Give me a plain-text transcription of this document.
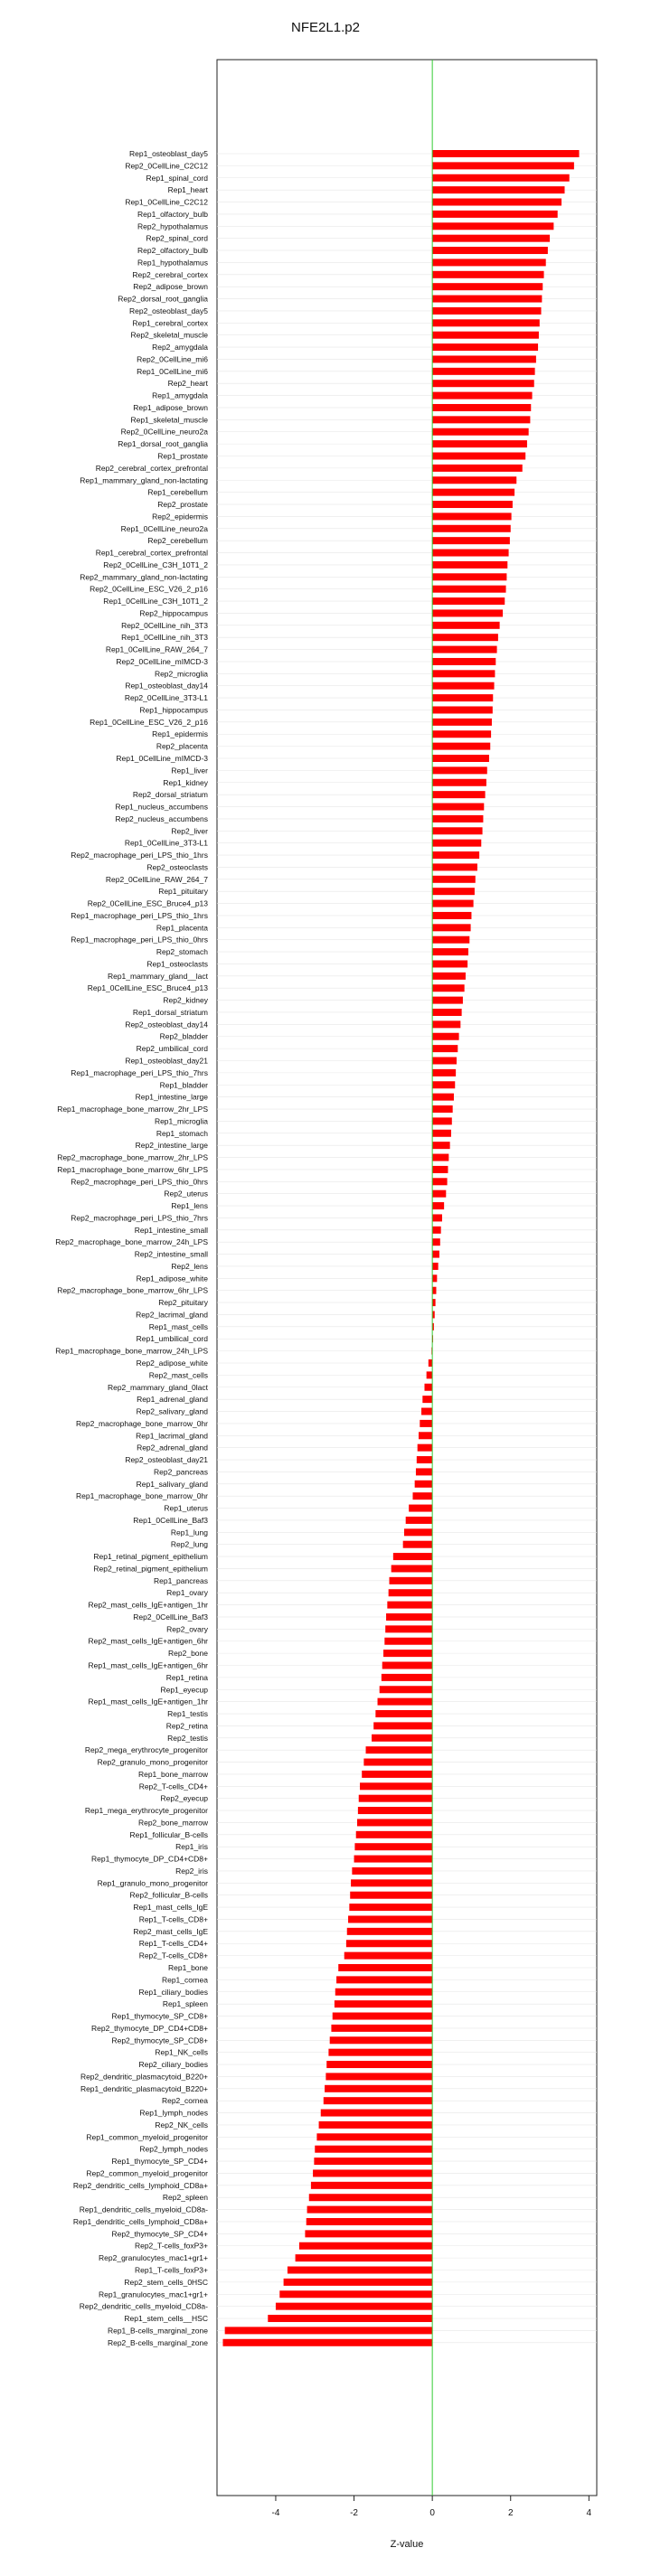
NFE2L1.p2
Rep1_osteoblast_day5
Rep2_0CellLine_C2C12
Rep1_spinal_cord
Rep1_heart
Rep1_0CellLine_C2C12
Rep1_olfactory_bulb
Rep2_hypothalamus
Rep2_spinal_cord
Rep2_olfactory_bulb
Rep1_hypothalamus
Rep2_cerebral_cortex
Rep2_adipose_brown
Rep2_dorsal_root_ganglia
Rep2_osteoblast_day5
Rep1_cerebral_cortex
Rep2_skeletal_muscle
Rep2_amygdala
Rep2_0CellLine_mi6
Rep1_0CellLine_mi6
Rep2_heart
Rep1_amygdala
Rep1_adipose_brown
Rep1_skeletal_muscle
Rep2_0CellLine_neuro2a
Rep1_dorsal_root_ganglia
Rep1_prostate
Rep2_cerebral_cortex_prefrontal
Rep1_mammary_gland_non-lactating
Rep1_cerebellum
Rep2_prostate
Rep2_epidermis
Rep1_0CellLine_neuro2a
Rep2_cerebellum
Rep1_cerebral_cortex_prefrontal
Rep2_0CellLine_C3H_10T1_2
Rep2_mammary_gland_non-lactating
Rep2_0CellLine_ESC_V26_2_p16
Rep1_0CellLine_C3H_10T1_2
Rep2_hippocampus
Rep2_0CellLine_nih_3T3
Rep1_0CellLine_nih_3T3
Rep1_0CellLine_RAW_264_7
Rep2_0CellLine_mIMCD-3
Rep2_microglia
Rep1_osteoblast_day14
Rep2_0CellLine_3T3-L1
Rep1_hippocampus
Rep1_0CellLine_ESC_V26_2_p16
Rep1_epidermis
Rep2_placenta
Rep1_0CellLine_mIMCD-3
Rep1_liver
Rep1_kidney
Rep2_dorsal_striatum
Rep1_nucleus_accumbens
Rep2_nucleus_accumbens
Rep2_liver
Rep1_0CellLine_3T3-L1
Rep2_macrophage_peri_LPS_thio_1hrs
Rep2_osteoclasts
Rep2_0CellLine_RAW_264_7
Rep1_pituitary
Rep2_0CellLine_ESC_Bruce4_p13
Rep1_macrophage_peri_LPS_thio_1hrs
Rep1_placenta
Rep1_macrophage_peri_LPS_thio_0hrs
Rep2_stomach
Rep1_osteoclasts
Rep1_mammary_gland__lact
Rep1_0CellLine_ESC_Bruce4_p13
Rep2_kidney
Rep1_dorsal_striatum
Rep2_osteoblast_day14
Rep2_bladder
Rep2_umbilical_cord
Rep1_osteoblast_day21
Rep1_macrophage_peri_LPS_thio_7hrs
Rep1_bladder
Rep1_intestine_large
Rep1_macrophage_bone_marrow_2hr_LPS
Rep1_microglia
Rep1_stomach
Rep2_intestine_large
Rep2_macrophage_bone_marrow_2hr_LPS
Rep1_macrophage_bone_marrow_6hr_LPS
Rep2_macrophage_peri_LPS_thio_0hrs
Rep2_uterus
Rep1_lens
Rep2_macrophage_peri_LPS_thio_7hrs
Rep1_intestine_small
Rep2_macrophage_bone_marrow_24h_LPS
Rep2_intestine_small
Rep2_lens
Rep1_adipose_white
Rep2_macrophage_bone_marrow_6hr_LPS
Rep2_pituitary
Rep2_lacrimal_gland
Rep1_mast_cells
Rep1_umbilical_cord
Rep1_macrophage_bone_marrow_24h_LPS
Rep2_adipose_white
Rep2_mast_cells
Rep2_mammary_gland_0lact
Rep1_adrenal_gland
Rep2_salivary_gland
Rep2_macrophage_bone_marrow_0hr
Rep1_lacrimal_gland
Rep2_adrenal_gland
Rep2_osteoblast_day21
Rep2_pancreas
Rep1_salivary_gland
Rep1_macrophage_bone_marrow_0hr
Rep1_uterus
Rep1_0CellLine_Baf3
Rep1_lung
Rep2_lung
Rep1_retinal_pigment_epithelium
Rep2_retinal_pigment_epithelium
Rep1_pancreas
Rep1_ovary
Rep2_mast_cells_IgE+antigen_1hr
Rep2_0CellLine_Baf3
Rep2_ovary
Rep2_mast_cells_IgE+antigen_6hr
Rep2_bone
Rep1_mast_cells_IgE+antigen_6hr
Rep1_retina
Rep1_eyecup
Rep1_mast_cells_IgE+antigen_1hr
Rep1_testis
Rep2_retina
Rep2_testis
Rep2_mega_erythrocyte_progenitor
Rep2_granulo_mono_progenitor
Rep1_bone_marrow
Rep2_T-cells_CD4+
Rep2_eyecup
Rep1_mega_erythrocyte_progenitor
Rep2_bone_marrow
Rep1_follicular_B-cells
Rep1_iris
Rep1_thymocyte_DP_CD4+CD8+
Rep2_iris
Rep1_granulo_mono_progenitor
Rep2_follicular_B-cells
Rep1_mast_cells_IgE
Rep1_T-cells_CD8+
Rep2_mast_cells_IgE
Rep1_T-cells_CD4+
Rep2_T-cells_CD8+
Rep1_bone
Rep1_cornea
Rep1_ciliary_bodies
Rep1_spleen
Rep1_thymocyte_SP_CD8+
Rep2_thymocyte_DP_CD4+CD8+
Rep2_thymocyte_SP_CD8+
Rep1_NK_cells
Rep2_ciliary_bodies
Rep2_dendritic_plasmacytoid_B220+
Rep1_dendritic_plasmacytoid_B220+
Rep2_cornea
Rep1_lymph_nodes
Rep2_NK_cells
Rep1_common_myeloid_progenitor
Rep2_lymph_nodes
Rep1_thymocyte_SP_CD4+
Rep2_common_myeloid_progenitor
Rep2_dendritic_cells_lymphoid_CD8a+
Rep2_spleen
Rep1_dendritic_cells_myeloid_CD8a-
Rep1_dendritic_cells_lymphoid_CD8a+
Rep2_thymocyte_SP_CD4+
Rep2_T-cells_foxP3+
Rep2_granulocytes_mac1+gr1+
Rep1_T-cells_foxP3+
Rep2_stem_cells_0HSC
Rep1_granulocytes_mac1+gr1+
Rep2_dendritic_cells_myeloid_CD8a-
Rep1_stem_cells__HSC
Rep1_B-cells_marginal_zone
Rep2_B-cells_marginal_zone
-4	-2	0	2	4
Z-value
